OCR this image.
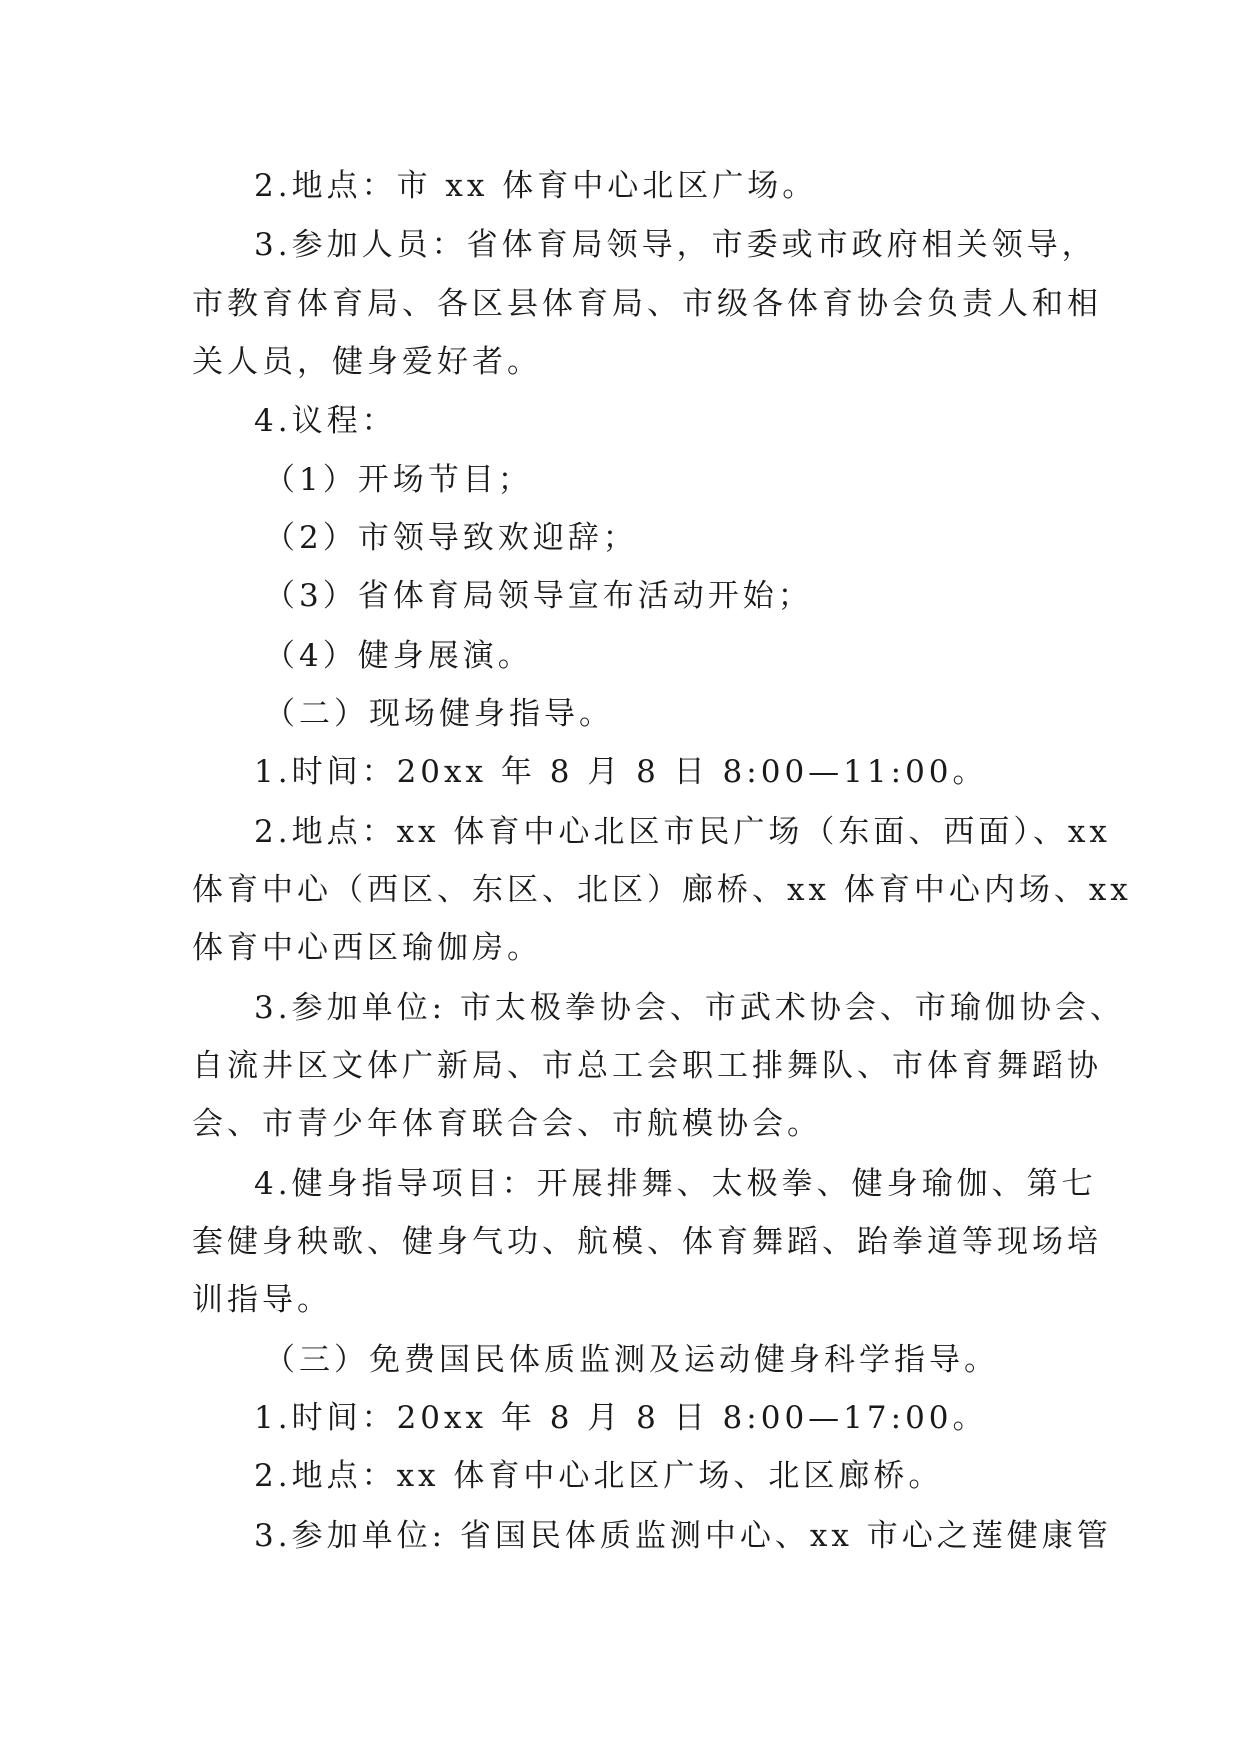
2.地点：市 xx 体育中心北区广场。
3.参加人员：省体育局领导，市委或市政府相关领导，
市教育体育局、各区县体育局、市级各体育协会负责人和相
关人员，健身爱好者。
4.议程：
（1）开场节目；
（2）市领导致欢迎辞；
（3）省体育局领导宣布活动开始；
（4）健身展演。
（二）现场健身指导。
1.时间：20xx 年 8 月 8 日 8:00—11:00。
2.地点：xx 体育中心北区市民广场（东面、西面）、xx
体育中心（西区、东区、北区）廊桥、xx 体育中心内场、xx
体育中心西区瑜伽房。
3.参加单位: 市太极拳协会、市武术协会、市瑜伽协会、
自流井区文体广新局、市总工会职工排舞队、市体育舞蹈协
会、市青少年体育联合会、市航模协会。
4.健身指导项目：开展排舞、太极拳、健身瑜伽、第七
套健身秧歌、健身气功、航模、体育舞蹈、跆拳道等现场培
训指导。
（三）免费国民体质监测及运动健身科学指导。
1.时间：20xx 年 8 月 8 日 8:00—17:00。
2.地点：xx 体育中心北区广场、北区廊桥。
3.参加单位: 省国民体质监测中心、xx 市心之莲健康管
